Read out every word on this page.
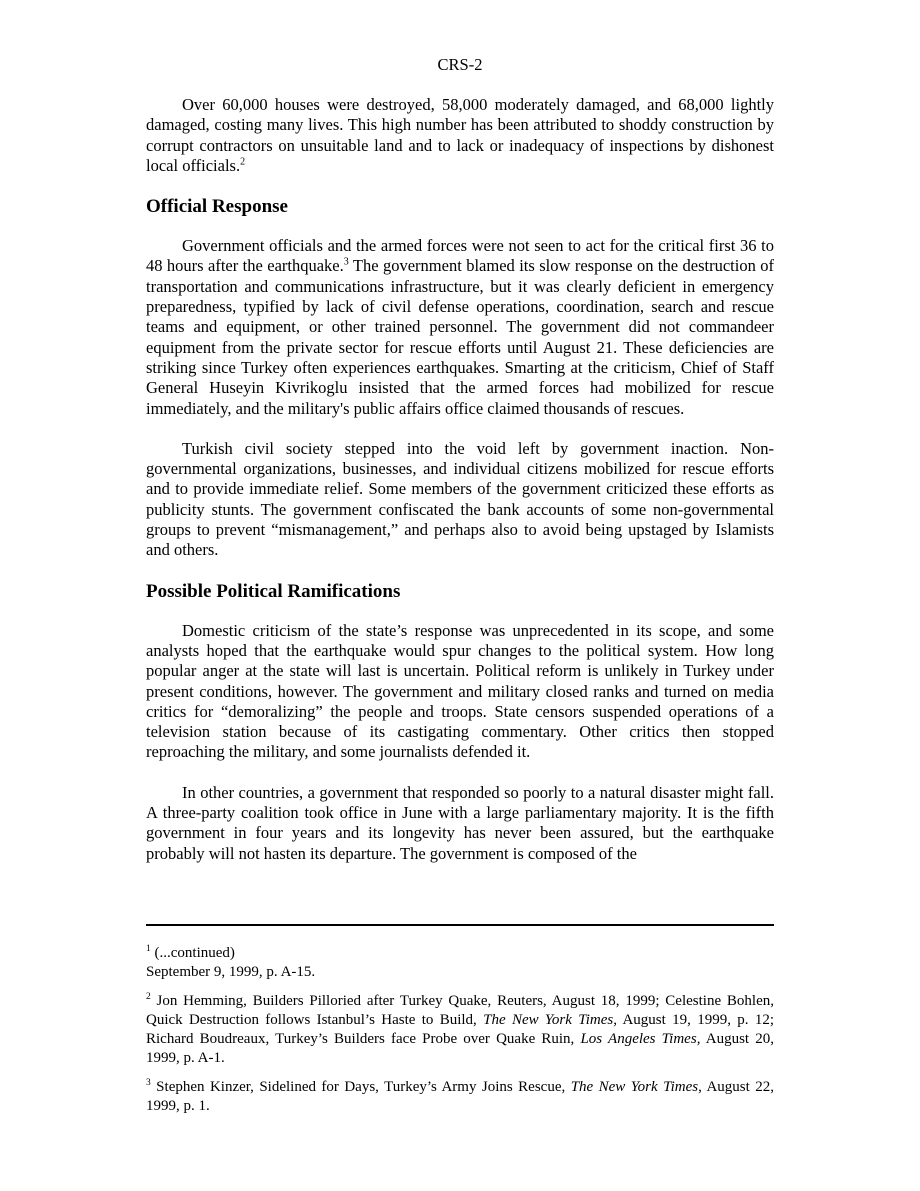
CRS-2

Over 60,000 houses were destroyed, 58,000 moderately damaged, and 68,000 lightly damaged, costing many lives. This high number has been attributed to shoddy construction by corrupt contractors on unsuitable land and to lack or inadequacy of inspections by dishonest local officials.$^2$

Official Response

Government officials and the armed forces were not seen to act for the critical first 36 to 48 hours after the earthquake.$^3$ The government blamed its slow response on the destruction of transportation and communications infrastructure, but it was clearly deficient in emergency preparedness, typified by lack of civil defense operations, coordination, search and rescue teams and equipment, or other trained personnel. The government did not commandeer equipment from the private sector for rescue efforts until August 21. These deficiencies are striking since Turkey often experiences earthquakes. Smarting at the criticism, Chief of Staff General Huseyin Kivrikoglu insisted that the armed forces had mobilized for rescue immediately, and the military's public affairs office claimed thousands of rescues.

Turkish civil society stepped into the void left by government inaction. Non-governmental organizations, businesses, and individual citizens mobilized for rescue efforts and to provide immediate relief. Some members of the government criticized these efforts as publicity stunts. The government confiscated the bank accounts of some non-governmental groups to prevent “mismanagement,” and perhaps also to avoid being upstaged by Islamists and others.

Possible Political Ramifications

Domestic criticism of the state’s response was unprecedented in its scope, and some analysts hoped that the earthquake would spur changes to the political system. How long popular anger at the state will last is uncertain. Political reform is unlikely in Turkey under present conditions, however. The government and military closed ranks and turned on media critics for “demoralizing” the people and troops. State censors suspended operations of a television station because of its castigating commentary. Other critics then stopped reproaching the military, and some journalists defended it.

In other countries, a government that responded so poorly to a natural disaster might fall. A three-party coalition took office in June with a large parliamentary majority. It is the fifth government in four years and its longevity has never been assured, but the earthquake probably will not hasten its departure. The government is composed of the

$^1$ (...continued)
September 9, 1999, p. A-15.
$^2$ Jon Hemming, Builders Pilloried after Turkey Quake, Reuters, August 18, 1999; Celestine Bohlen, Quick Destruction follows Istanbul’s Haste to Build, The New York Times, August 19, 1999, p. 12; Richard Boudreaux, Turkey’s Builders face Probe over Quake Ruin, Los Angeles Times, August 20, 1999, p. A-1.
$^3$ Stephen Kinzer, Sidelined for Days, Turkey’s Army Joins Rescue, The New York Times, August 22, 1999, p. 1.
